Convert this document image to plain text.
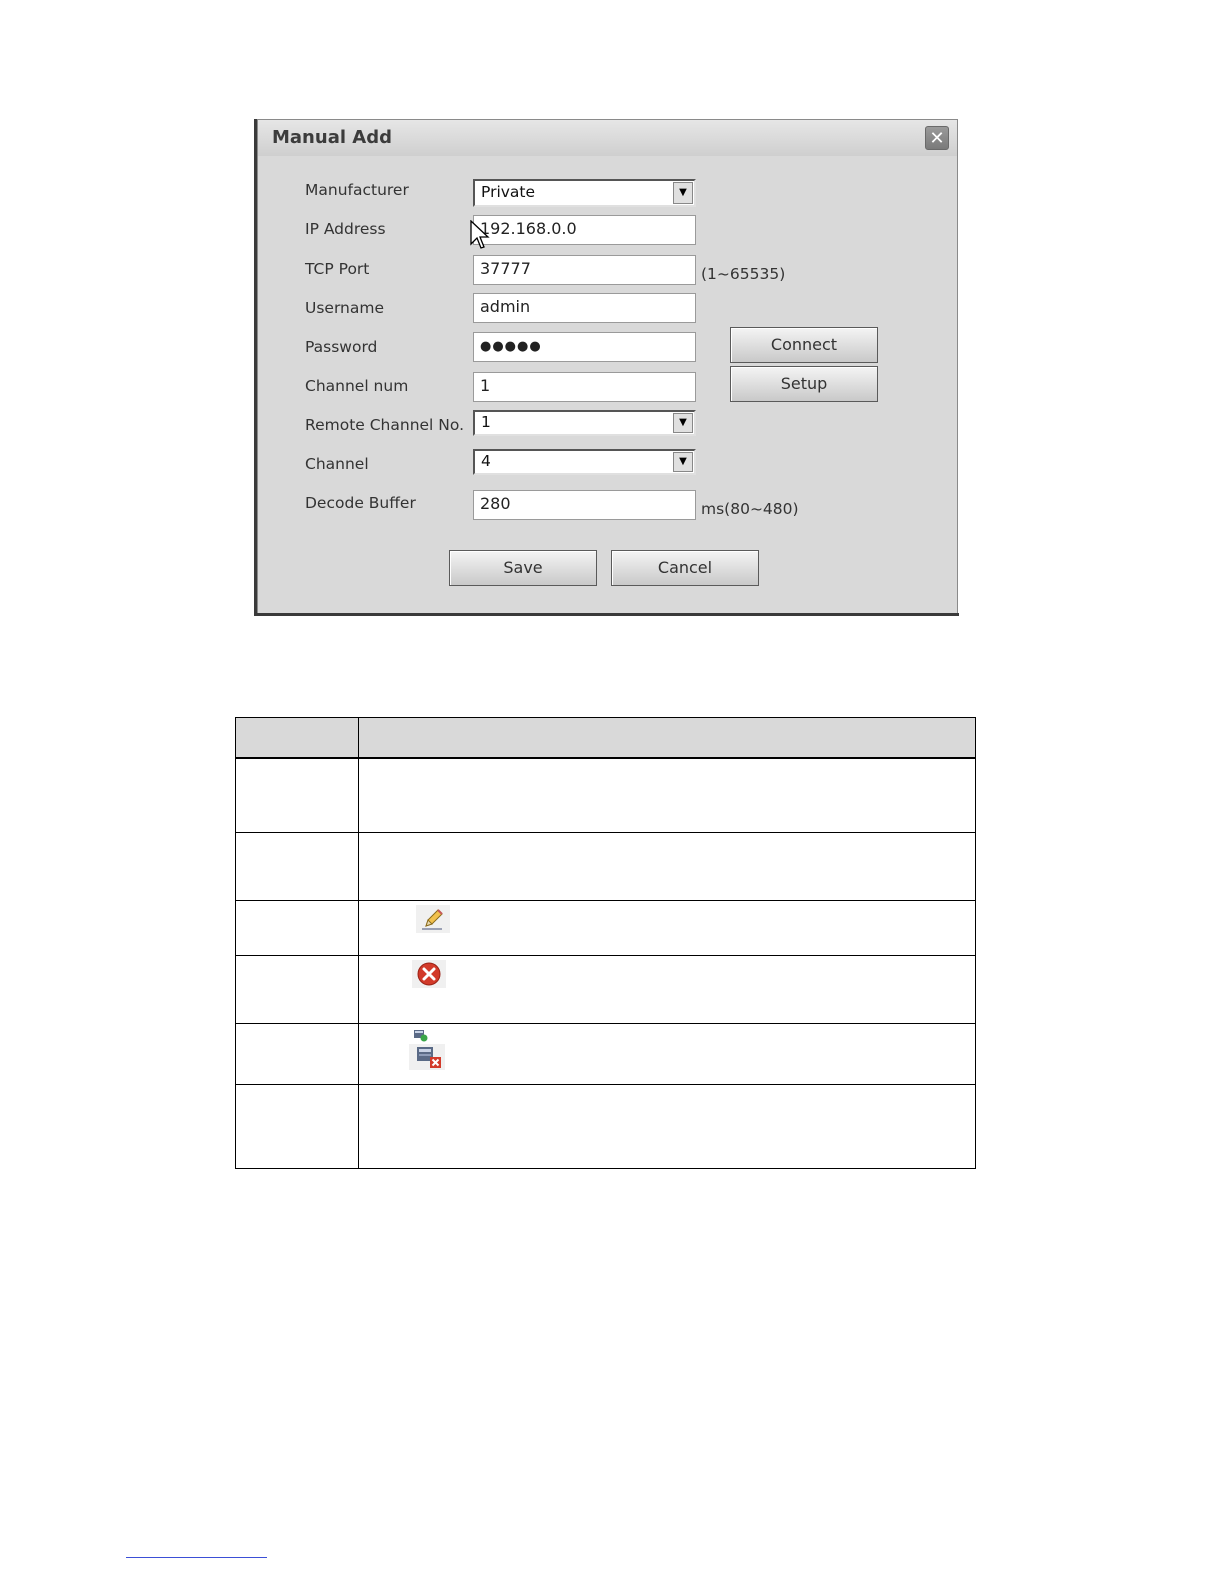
Manual Add	✕
Manufacturer	Private	▼
IP Address	192.168.0.0
TCP Port	37777	(1~65535)
Username	admin
Password	●●●●●	Connect
Setup
Channel num	1
Remote Channel No.	1	▼
Channel	4	▼
Decode Buffer	280	ms(80~480)
Save	Cancel
